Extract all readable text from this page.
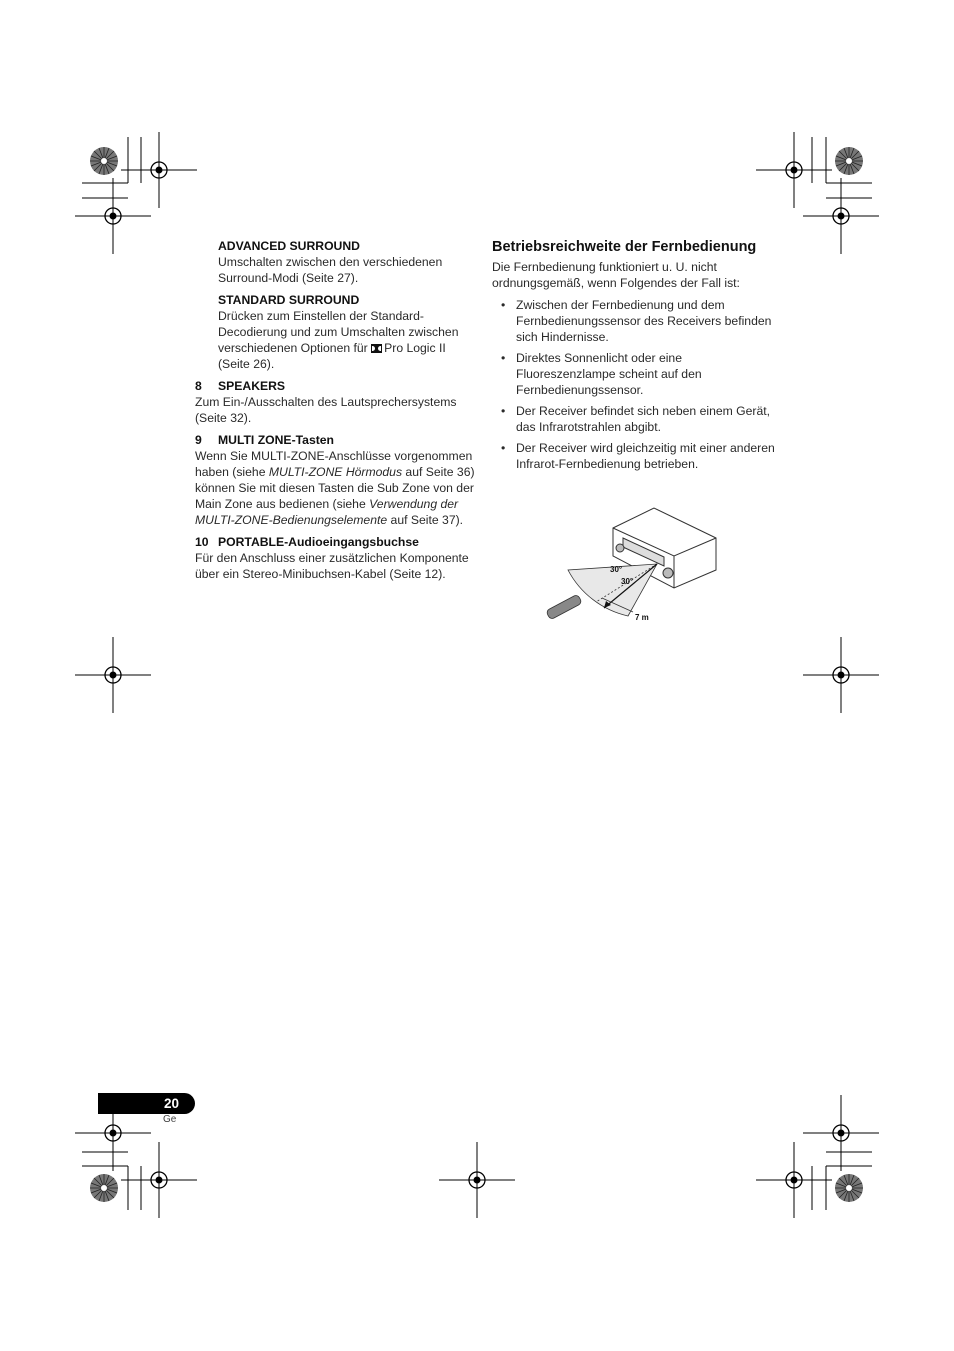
ADVANCED SURROUND

Umschalten zwischen den verschiedenen Surround-Modi (Seite 27).

STANDARD SURROUND

Drücken zum Einstellen der Standard-Decodierung und zum Umschalten zwischen verschiedenen Optionen für Pro Logic II (Seite 26).

8 SPEAKERS

Zum Ein-/Ausschalten des Lautsprechersystems (Seite 32).

9 MULTI ZONE-Tasten

Wenn Sie MULTI-ZONE-Anschlüsse vorgenommen haben (siehe MULTI-ZONE Hörmodus auf Seite 36) können Sie mit diesen Tasten die Sub Zone von der Main Zone aus bedienen (siehe Verwendung der MULTI-ZONE-Bedienungselemente auf Seite 37).

10 PORTABLE-Audioeingangsbuchse

Für den Anschluss einer zusätzlichen Komponente über ein Stereo-Minibuchsen-Kabel (Seite 12).

Betriebsreichweite der Fernbedienung

Die Fernbedienung funktioniert u. U. nicht ordnungsgemäß, wenn Folgendes der Fall ist:

• Zwischen der Fernbedienung und dem Fernbedienungssensor des Receivers befinden sich Hindernisse.
• Direktes Sonnenlicht oder eine Fluoreszenzlampe scheint auf den Fernbedienungssensor.
• Der Receiver befindet sich neben einem Gerät, das Infrarotstrahlen abgibt.
• Der Receiver wird gleichzeitig mit einer anderen Infrarot-Fernbedienung betrieben.
30°
30°
7 m
20
Ge
